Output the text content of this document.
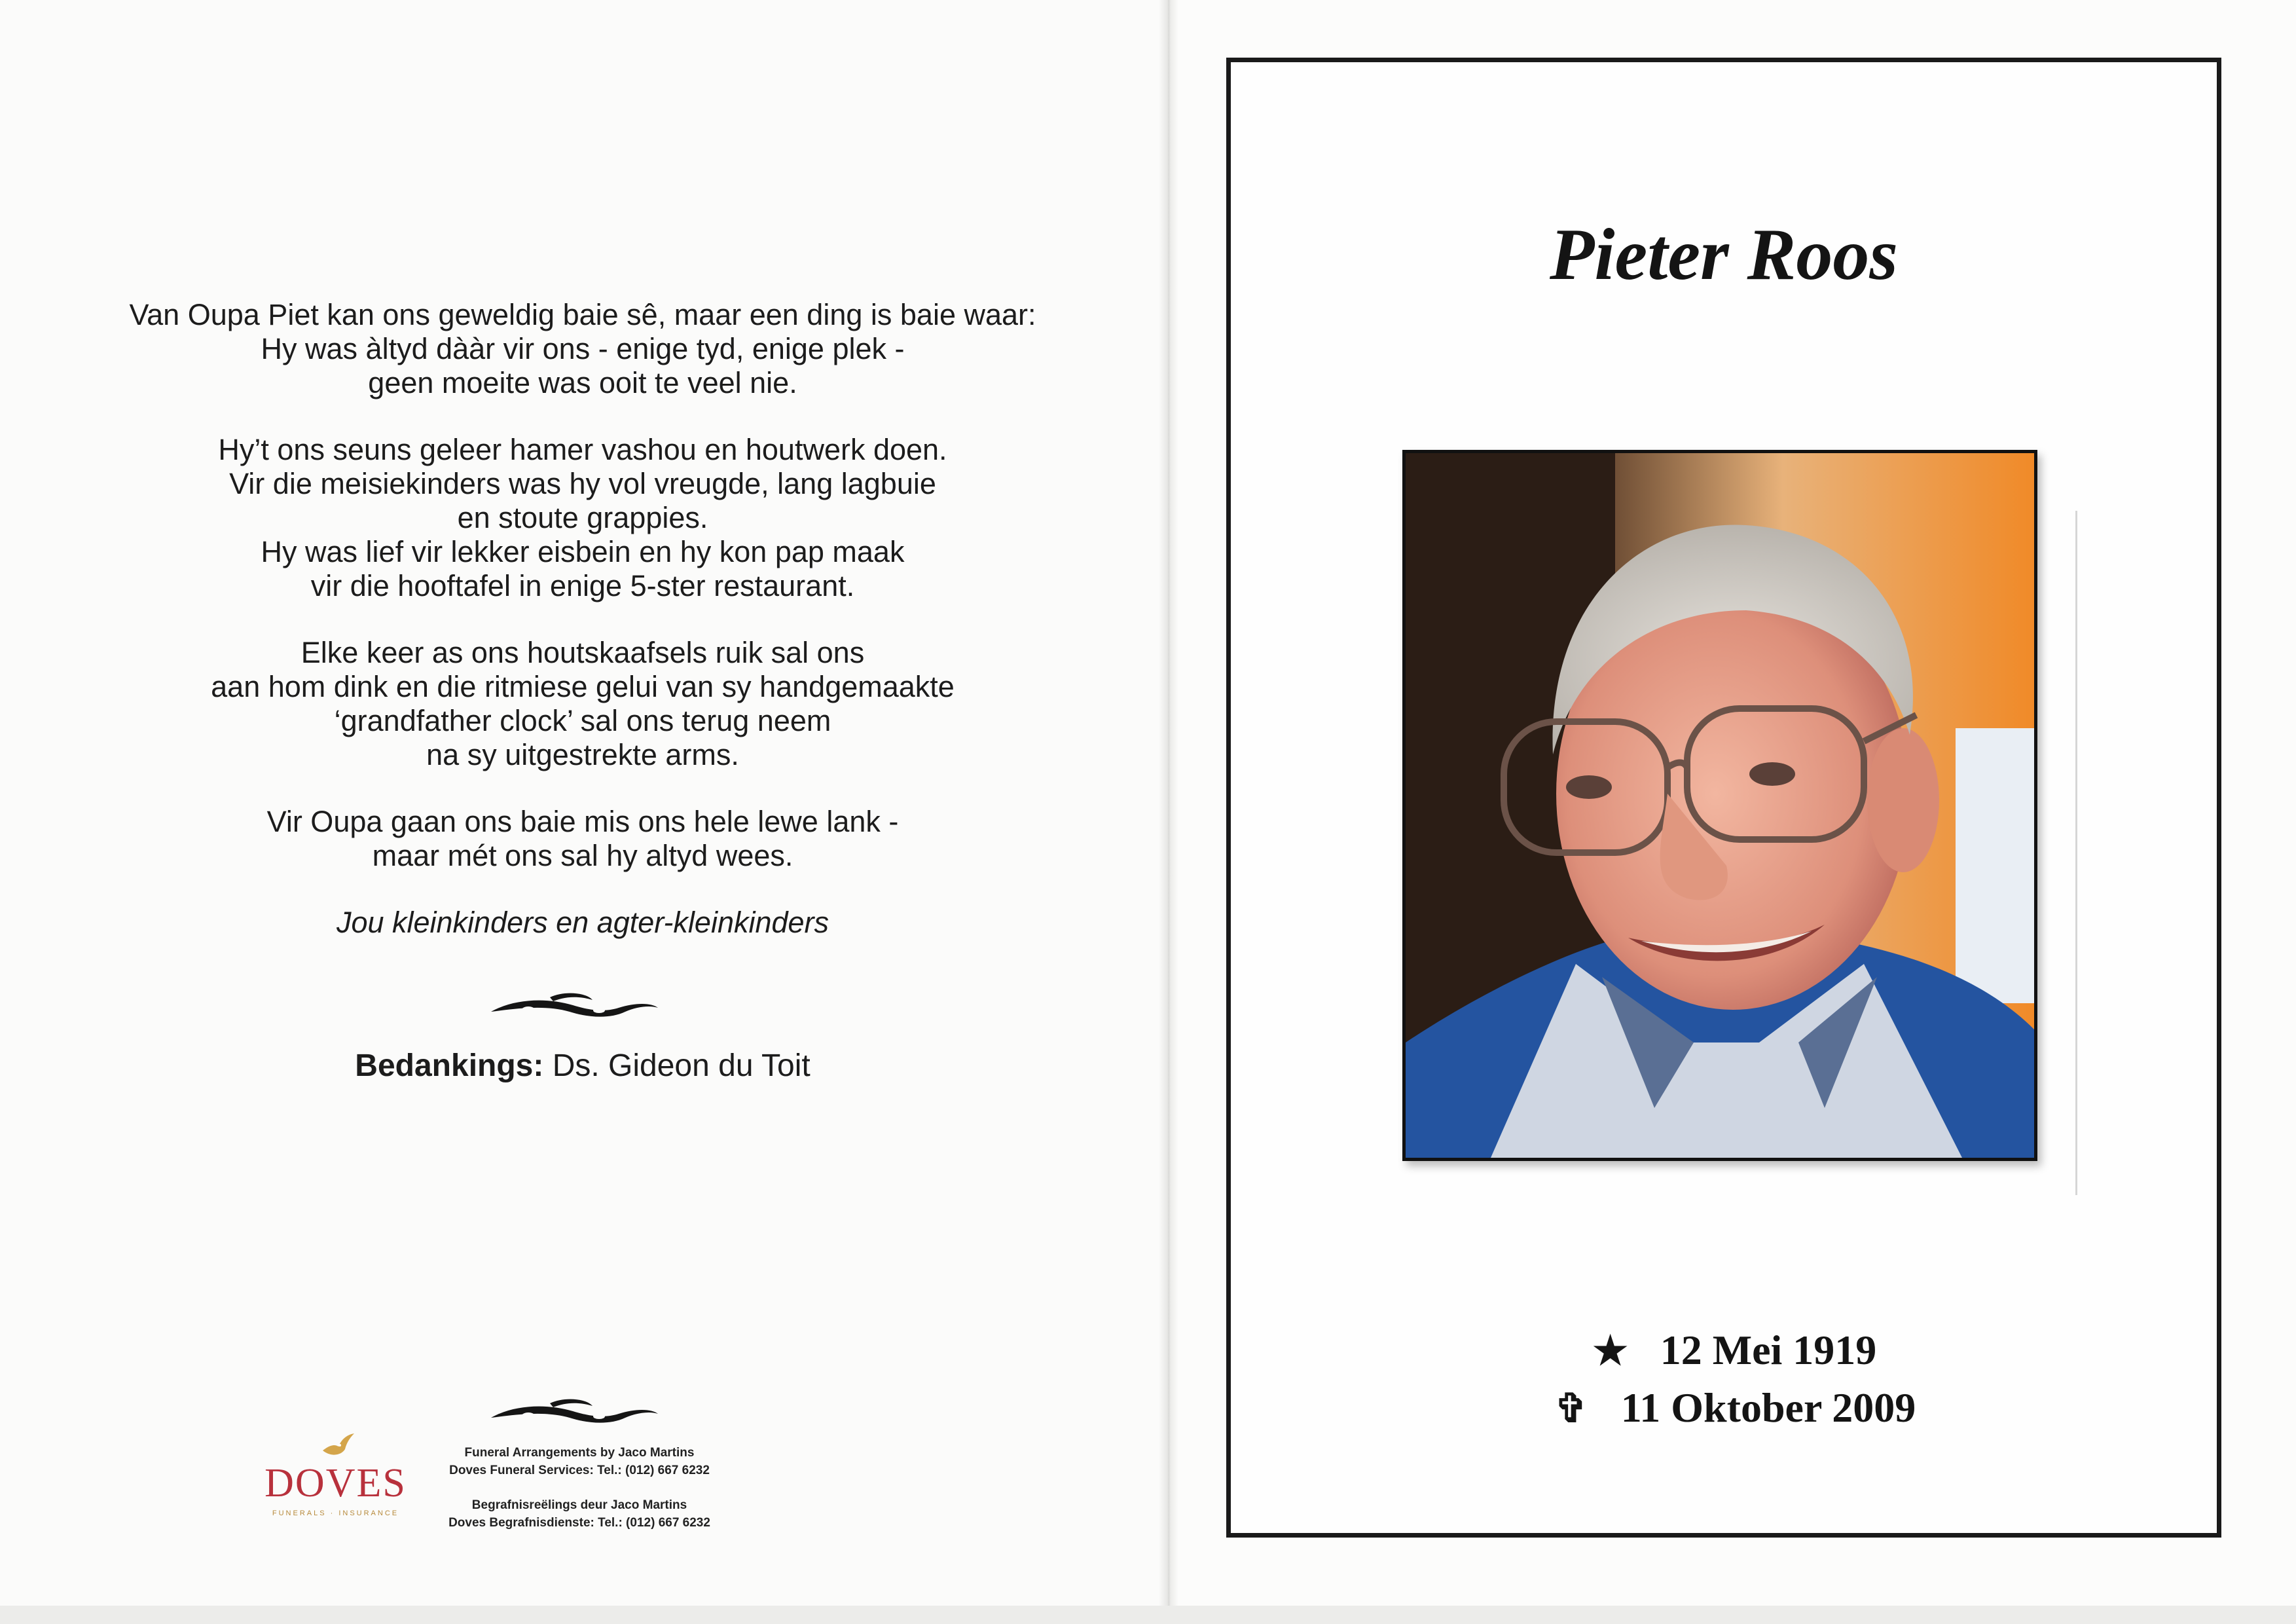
Van Oupa Piet kan ons geweldig baie sê, maar een ding is baie waar:
Hy was àltyd dààr vir ons - enige tyd, enige plek -
geen moeite was ooit te veel nie.

Hy’t ons seuns geleer hamer vashou en houtwerk doen.
Vir die meisiekinders was hy vol vreugde, lang lagbuie
en stoute grappies.
Hy was lief vir lekker eisbein en hy kon pap maak
vir die hooftafel in enige 5-ster restaurant.

Elke keer as ons houtskaafsels ruik sal ons
aan hom dink en die ritmiese gelui van sy handgemaakte
‘grandfather clock’ sal ons terug neem
na sy uitgestrekte arms.

Vir Oupa gaan ons baie mis ons hele lewe lank -
maar mét ons sal hy altyd wees.

Jou kleinkinders en agter-kleinkinders

Bedankings: Ds. Gideon du Toit
DOVES
FUNERALS · INSURANCE

Funeral Arrangements by Jaco Martins
Doves Funeral Services: Tel.: (012) 667 6232

Begrafnisreëlings deur Jaco Martins
Doves Begrafnisdienste: Tel.: (012) 667 6232

Pieter Roos
★ 12 Mei 1919
✞ 11 Oktober 2009
